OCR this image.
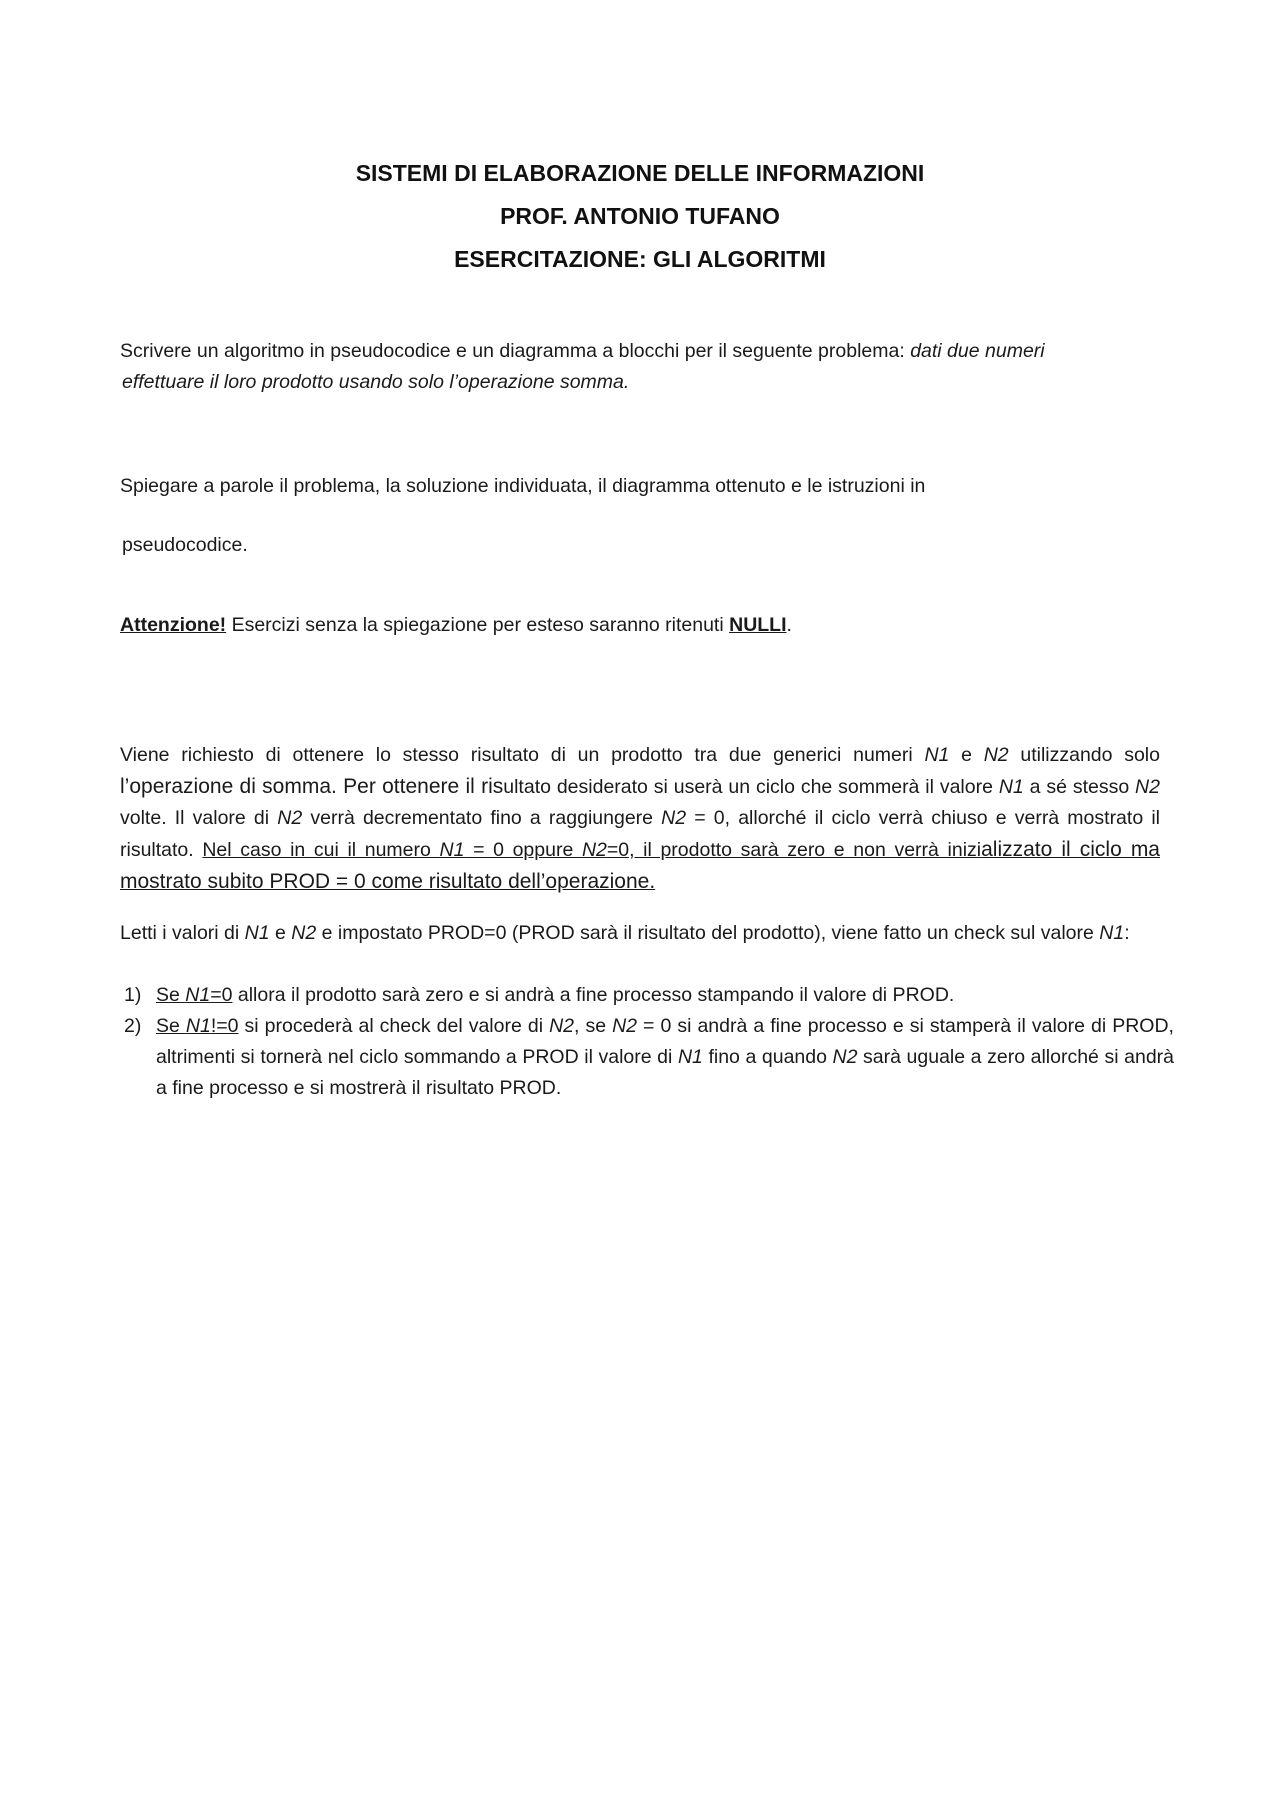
SISTEMI DI ELABORAZIONE DELLE INFORMAZIONI
PROF. ANTONIO TUFANO
ESERCITAZIONE: GLI ALGORITMI
Scrivere un algoritmo in pseudocodice e un diagramma a blocchi per il seguente problema: dati due numeri
effettuare il loro prodotto usando solo l’operazione somma.
Spiegare a parole il problema, la soluzione individuata, il diagramma ottenuto e le istruzioni in
pseudocodice.
Attenzione! Esercizi senza la spiegazione per esteso saranno ritenuti NULLI.
Viene richiesto di ottenere lo stesso risultato di un prodotto tra due generici numeri N1 e N2 utilizzando solo l’operazione di somma. Per ottenere il risultato desiderato si userà un ciclo che sommerà il valore N1 a sé stesso N2 volte. Il valore di N2 verrà decrementato fino a raggiungere N2 = 0, allorché il ciclo verrà chiuso e verrà mostrato il risultato. Nel caso in cui il numero N1 = 0 oppure N2=0, il prodotto sarà zero e non verrà inizializzato il ciclo ma mostrato subito PROD = 0 come risultato dell’operazione.
Letti i valori di N1 e N2 e impostato PROD=0 (PROD sarà il risultato del prodotto), viene fatto un check sul valore N1:
1) Se N1=0 allora il prodotto sarà zero e si andrà a fine processo stampando il valore di PROD.
2) Se N1!=0 si procederà al check del valore di N2, se N2 = 0 si andrà a fine processo e si stamperà il valore di PROD, altrimenti si tornerà nel ciclo sommando a PROD il valore di N1 fino a quando N2 sarà uguale a zero allorché si andrà a fine processo e si mostrerà il risultato PROD.
